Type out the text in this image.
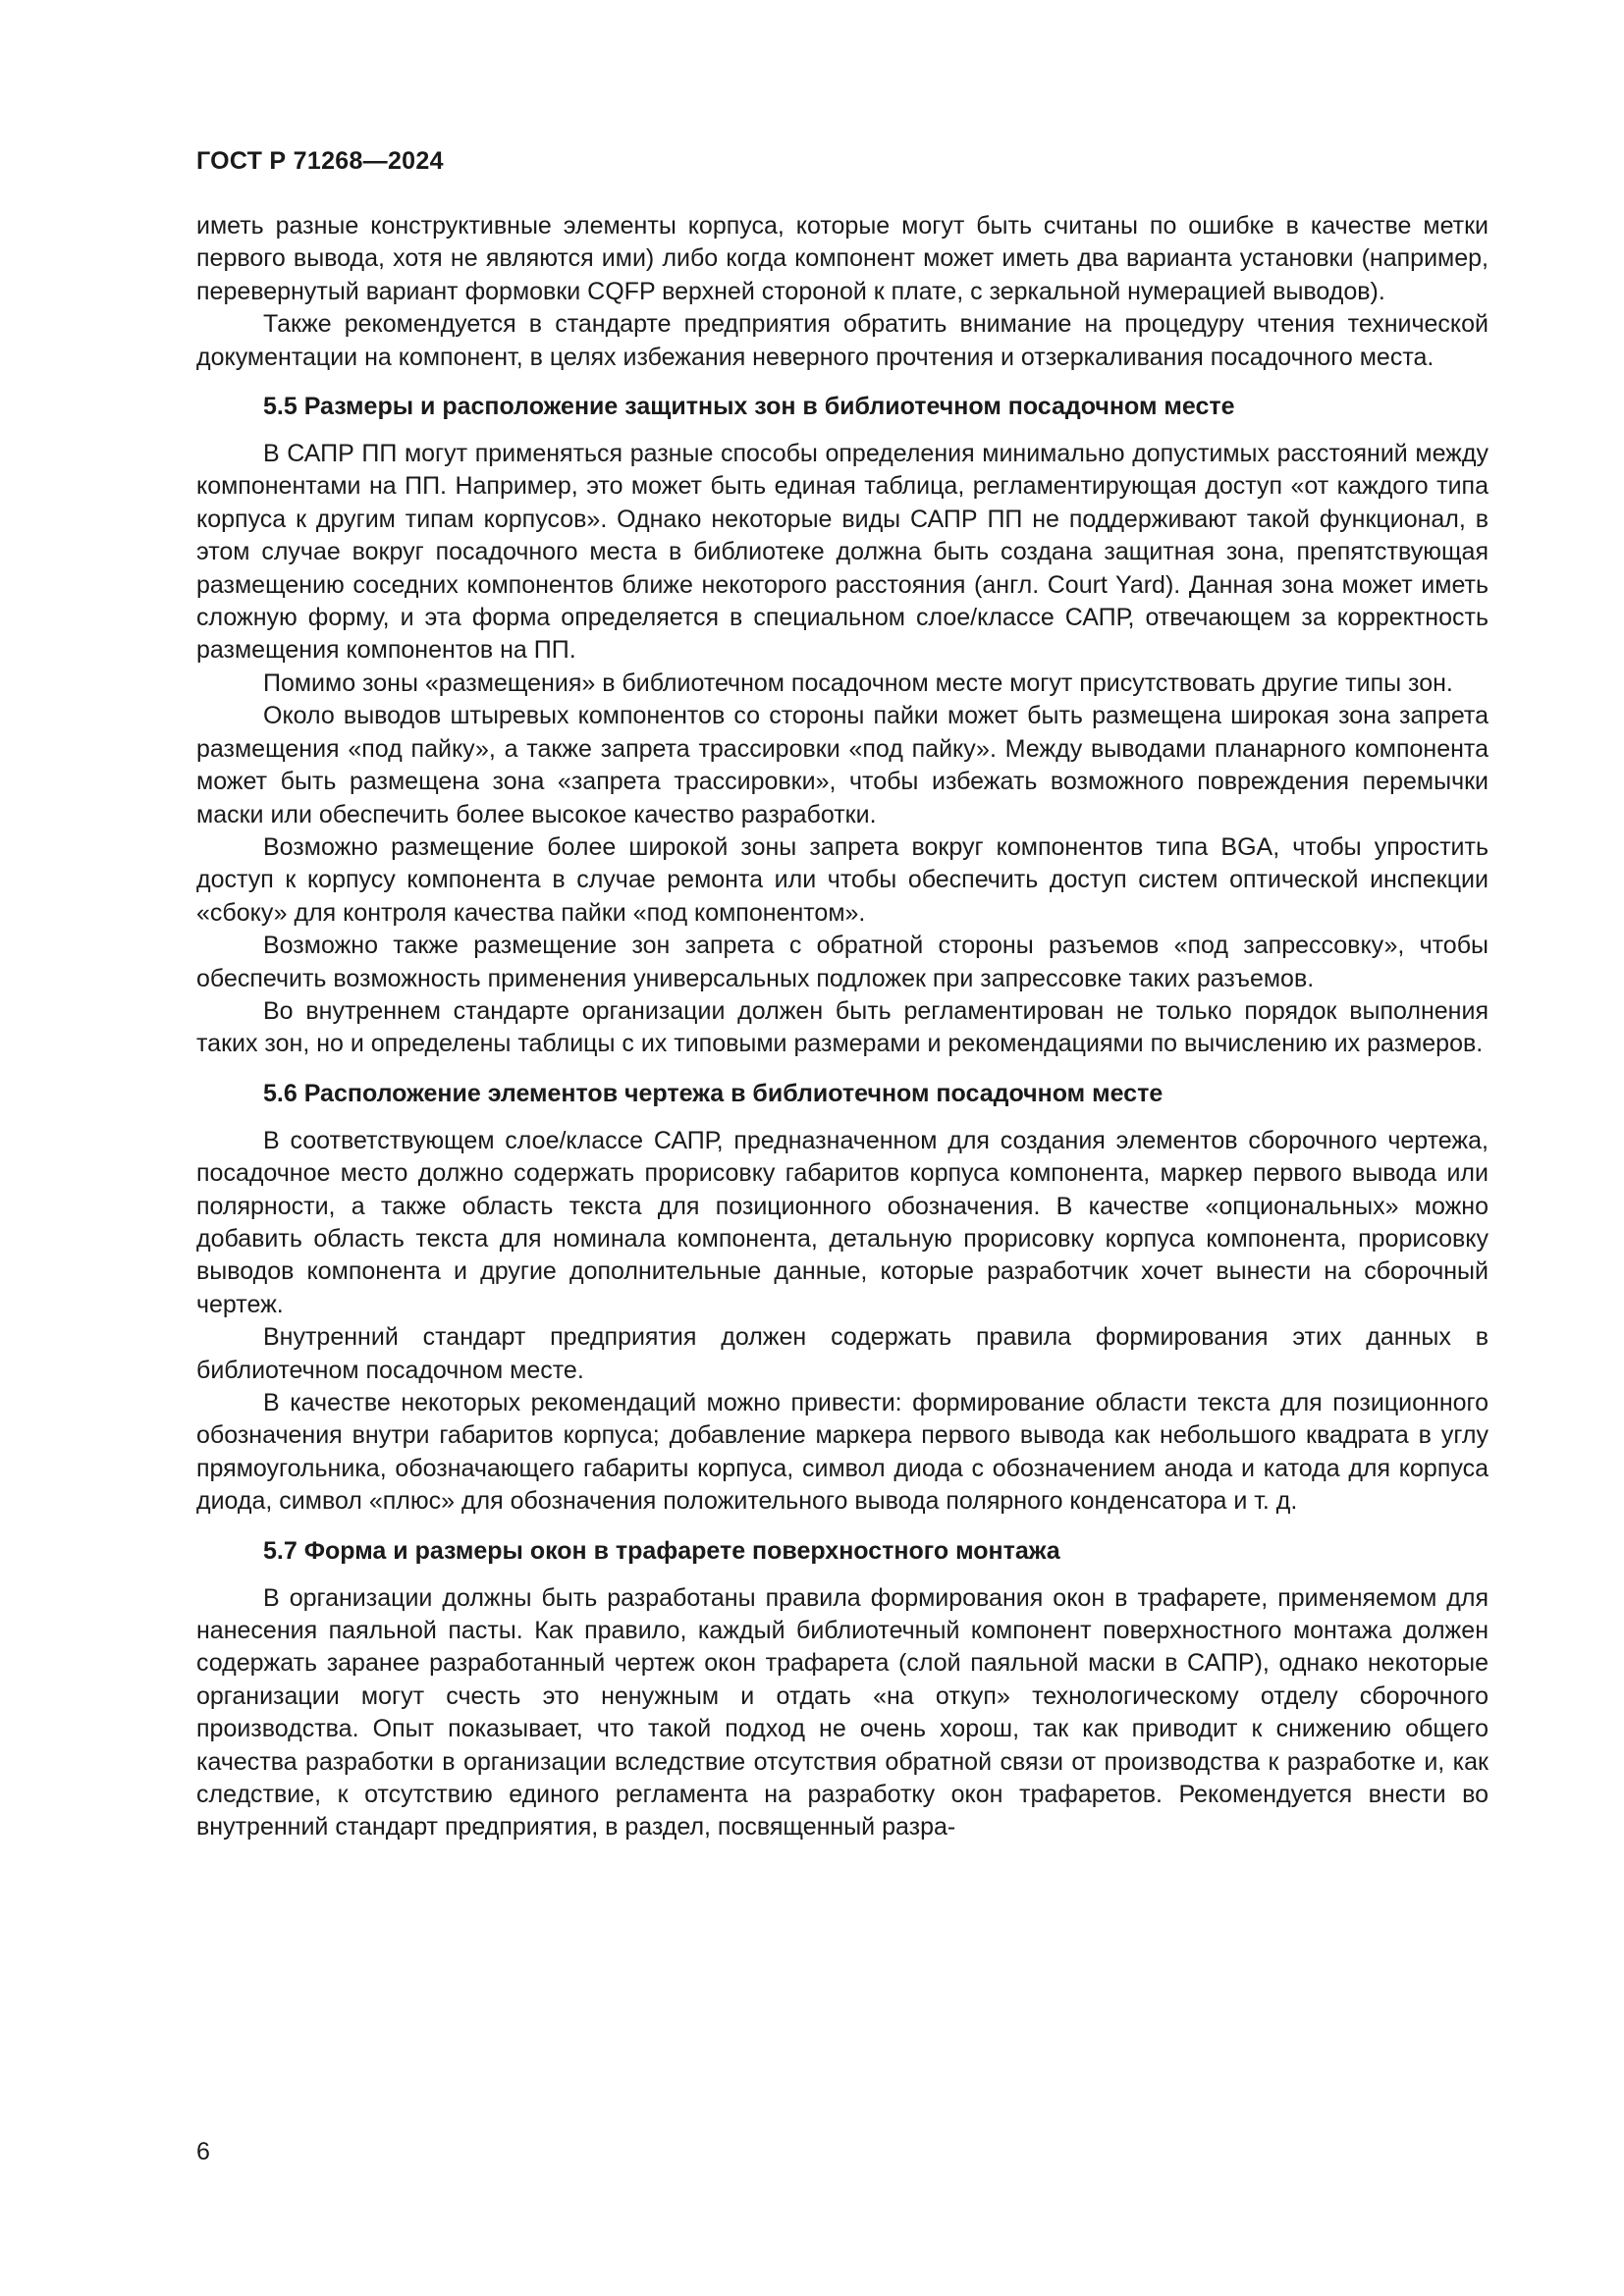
ГОСТ Р 71268—2024

иметь разные конструктивные элементы корпуса, которые могут быть считаны по ошибке в качестве метки первого вывода, хотя не являются ими) либо когда компонент может иметь два варианта установки (например, перевернутый вариант формовки CQFP верхней стороной к плате, с зеркальной нумерацией выводов).

Также рекомендуется в стандарте предприятия обратить внимание на процедуру чтения технической документации на компонент, в целях избежания неверного прочтения и отзеркаливания посадочного места.

5.5 Размеры и расположение защитных зон в библиотечном посадочном месте

В САПР ПП могут применяться разные способы определения минимально допустимых расстояний между компонентами на ПП. Например, это может быть единая таблица, регламентирующая доступ «от каждого типа корпуса к другим типам корпусов». Однако некоторые виды САПР ПП не поддерживают такой функционал, в этом случае вокруг посадочного места в библиотеке должна быть создана защитная зона, препятствующая размещению соседних компонентов ближе некоторого расстояния (англ. Court Yard). Данная зона может иметь сложную форму, и эта форма определяется в специальном слое/классе САПР, отвечающем за корректность размещения компонентов на ПП.

Помимо зоны «размещения» в библиотечном посадочном месте могут присутствовать другие типы зон.

Около выводов штыревых компонентов со стороны пайки может быть размещена широкая зона запрета размещения «под пайку», а также запрета трассировки «под пайку». Между выводами планарного компонента может быть размещена зона «запрета трассировки», чтобы избежать возможного повреждения перемычки маски или обеспечить более высокое качество разработки.

Возможно размещение более широкой зоны запрета вокруг компонентов типа BGA, чтобы упростить доступ к корпусу компонента в случае ремонта или чтобы обеспечить доступ систем оптической инспекции «сбоку» для контроля качества пайки «под компонентом».

Возможно также размещение зон запрета с обратной стороны разъемов «под запрессовку», чтобы обеспечить возможность применения универсальных подложек при запрессовке таких разъемов.

Во внутреннем стандарте организации должен быть регламентирован не только порядок выполнения таких зон, но и определены таблицы с их типовыми размерами и рекомендациями по вычислению их размеров.

5.6 Расположение элементов чертежа в библиотечном посадочном месте

В соответствующем слое/классе САПР, предназначенном для создания элементов сборочного чертежа, посадочное место должно содержать прорисовку габаритов корпуса компонента, маркер первого вывода или полярности, а также область текста для позиционного обозначения. В качестве «опциональных» можно добавить область текста для номинала компонента, детальную прорисовку корпуса компонента, прорисовку выводов компонента и другие дополнительные данные, которые разработчик хочет вынести на сборочный чертеж.

Внутренний стандарт предприятия должен содержать правила формирования этих данных в библиотечном посадочном месте.

В качестве некоторых рекомендаций можно привести: формирование области текста для позиционного обозначения внутри габаритов корпуса; добавление маркера первого вывода как небольшого квадрата в углу прямоугольника, обозначающего габариты корпуса, символ диода с обозначением анода и катода для корпуса диода, символ «плюс» для обозначения положительного вывода полярного конденсатора и т. д.

5.7 Форма и размеры окон в трафарете поверхностного монтажа

В организации должны быть разработаны правила формирования окон в трафарете, применяемом для нанесения паяльной пасты. Как правило, каждый библиотечный компонент поверхностного монтажа должен содержать заранее разработанный чертеж окон трафарета (слой паяльной маски в САПР), однако некоторые организации могут счесть это ненужным и отдать «на откуп» технологическому отделу сборочного производства. Опыт показывает, что такой подход не очень хорош, так как приводит к снижению общего качества разработки в организации вследствие отсутствия обратной связи от производства к разработке и, как следствие, к отсутствию единого регламента на разработку окон трафаретов. Рекомендуется внести во внутренний стандарт предприятия, в раздел, посвященный разра-

6
